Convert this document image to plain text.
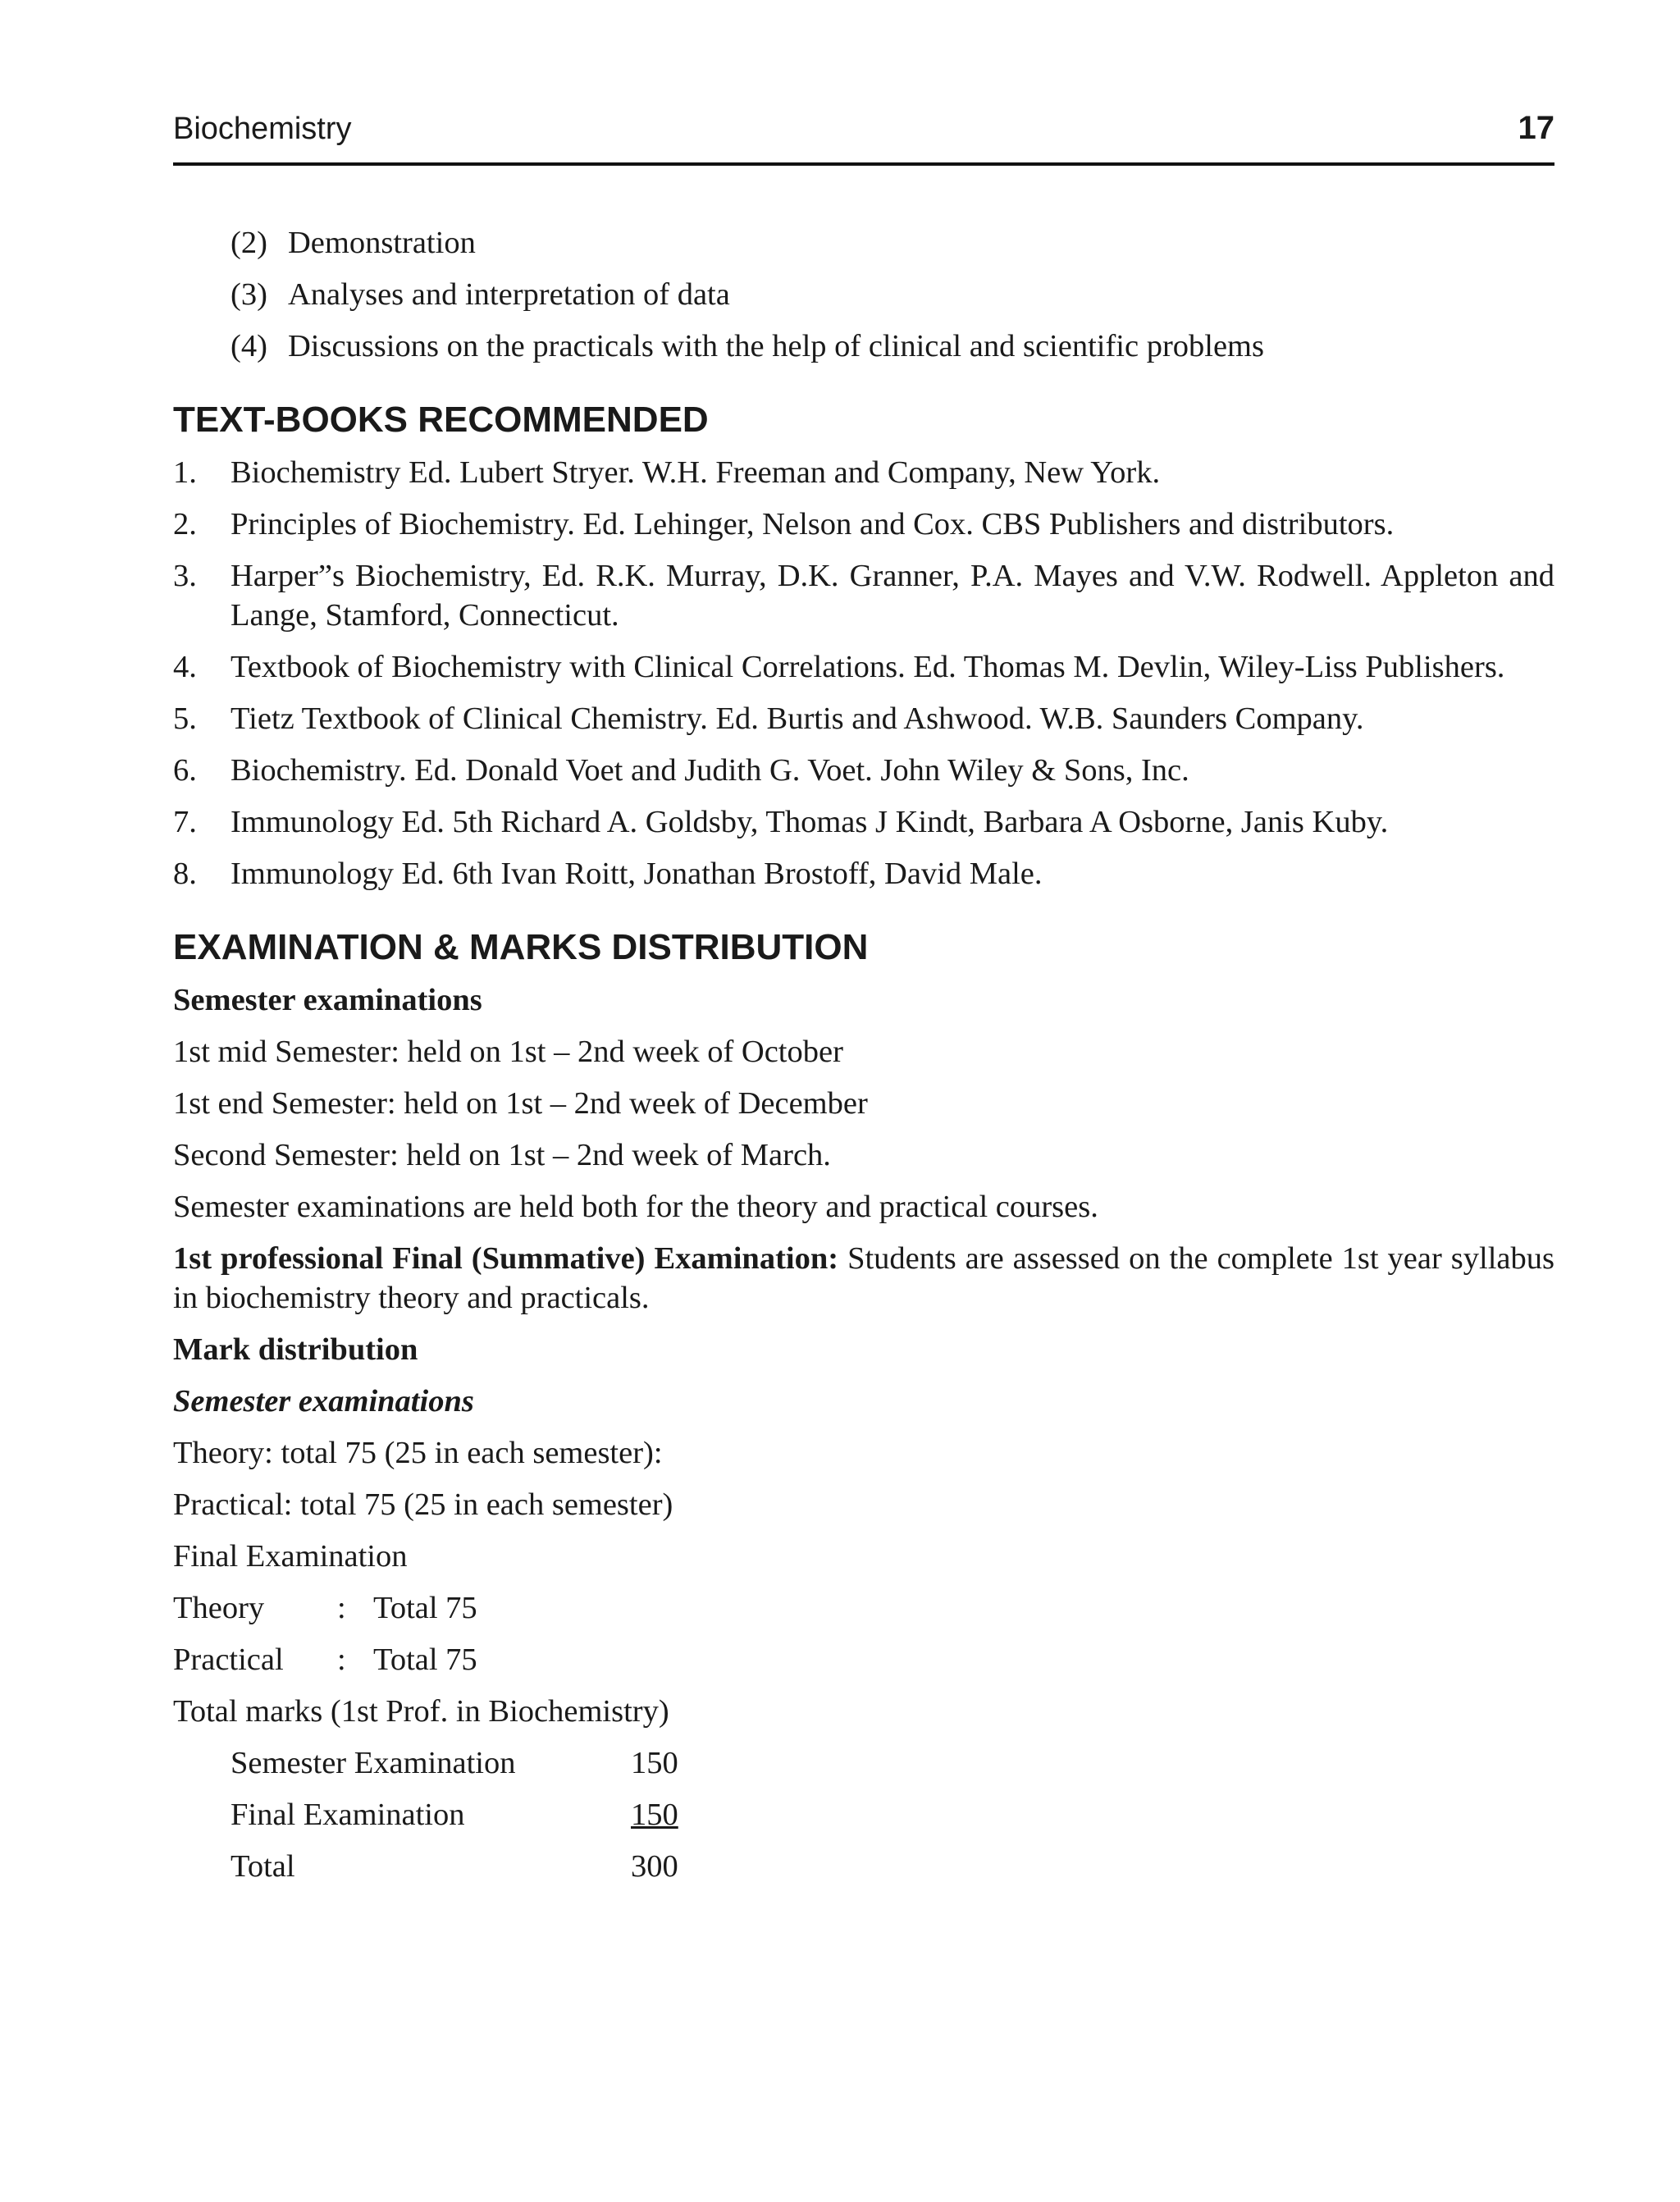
Biochemistry	17
(2) Demonstration
(3) Analyses and interpretation of data
(4) Discussions on the practicals with the help of clinical and scientific problems
TEXT-BOOKS RECOMMENDED
1. Biochemistry Ed. Lubert Stryer. W.H. Freeman and Company, New York.
2. Principles of Biochemistry. Ed. Lehinger, Nelson and Cox. CBS Publishers and distributors.
3. Harper”s Biochemistry, Ed. R.K. Murray, D.K. Granner, P.A. Mayes and V.W. Rodwell. Appleton and Lange, Stamford, Connecticut.
4. Textbook of Biochemistry with Clinical Correlations. Ed. Thomas M. Devlin, Wiley-Liss Publishers.
5. Tietz Textbook of Clinical Chemistry. Ed. Burtis and Ashwood. W.B. Saunders Company.
6. Biochemistry. Ed. Donald Voet and Judith G. Voet. John Wiley & Sons, Inc.
7. Immunology Ed. 5th Richard A. Goldsby, Thomas J Kindt, Barbara A Osborne, Janis Kuby.
8. Immunology Ed. 6th Ivan Roitt, Jonathan Brostoff, David Male.
EXAMINATION & MARKS DISTRIBUTION

Semester examinations

1st mid Semester: held on 1st – 2nd week of October

1st end Semester: held on 1st – 2nd week of December

Second Semester: held on 1st – 2nd week of March.

Semester examinations are held both for the theory and practical courses.

1st professional Final (Summative) Examination: Students are assessed on the complete 1st year syllabus in biochemistry theory and practicals.

Mark distribution

Semester examinations

Theory: total 75 (25 in each semester):

Practical: total 75 (25 in each semester)

Final Examination

Theory	: Total 75
Practical	: Total 75

Total marks (1st Prof. in Biochemistry)

Semester Examination	150
Final Examination	150
Total	300
